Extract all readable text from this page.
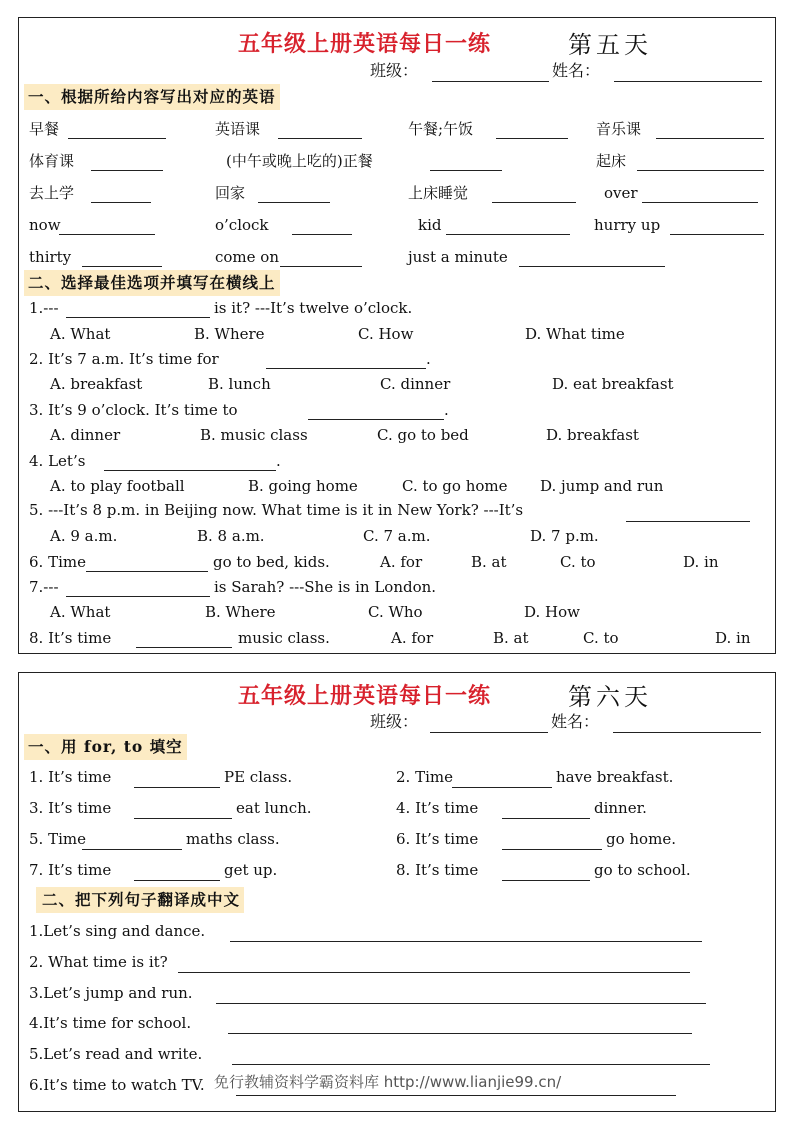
五年级上册英语每日一练	第五天
班级：	姓名：
一、根据所给内容写出对应的英语
早餐	英语课	午餐;午饭	音乐课
体育课	(中午或晚上吃的)正餐	起床
去上学	回家	上床睡觉	over
now	o’clock	kid	hurry up
thirty	come on	just a minute
二、选择最佳选项并填写在横线上
1.---	is it? ---It’s twelve o’clock.
A. What	B. Where	C. How	D. What time
2. It’s 7 a.m. It’s time for	.
A. breakfast	B. lunch	C. dinner	D. eat breakfast
3. It’s 9 o’clock. It’s time to	.
A. dinner	B. music class	C. go to bed	D. breakfast
4. Let’s	.
A. to play football	B. going home	C. to go home D. jump and run
5. ---It’s 8 p.m. in Beijing now. What time is it in New York? ---It’s
A. 9 a.m.	B. 8 a.m.	C. 7 a.m.	D. 7 p.m.
6. Time	go to bed, kids.	A. for	B. at	C. to	D. in
7.---	is Sarah? ---She is in London.
A. What	B. Where	C. Who	D. How
8. It’s time	music class.	A. for	B. at	C. to	D. in
五年级上册英语每日一练	第六天
班级：	姓名：
一、用 for, to 填空
1. It’s time	PE class.	2. Time	have breakfast.
3. It’s time	eat lunch.	4. It’s time	dinner.
5. Time	maths class.	6. It’s time	go home.
7. It’s time	get up.	8. It’s time	go to school.
二、把下列句子翻译成中文
1.Let’s sing and dance.
2. What time is it?
3.Let’s jump and run.
4.It’s time for school.
5.Let’s read and write.
6.It’s time to watch TV. 免行教辅资料学霸资料库 http://www.lianjie99.cn/
